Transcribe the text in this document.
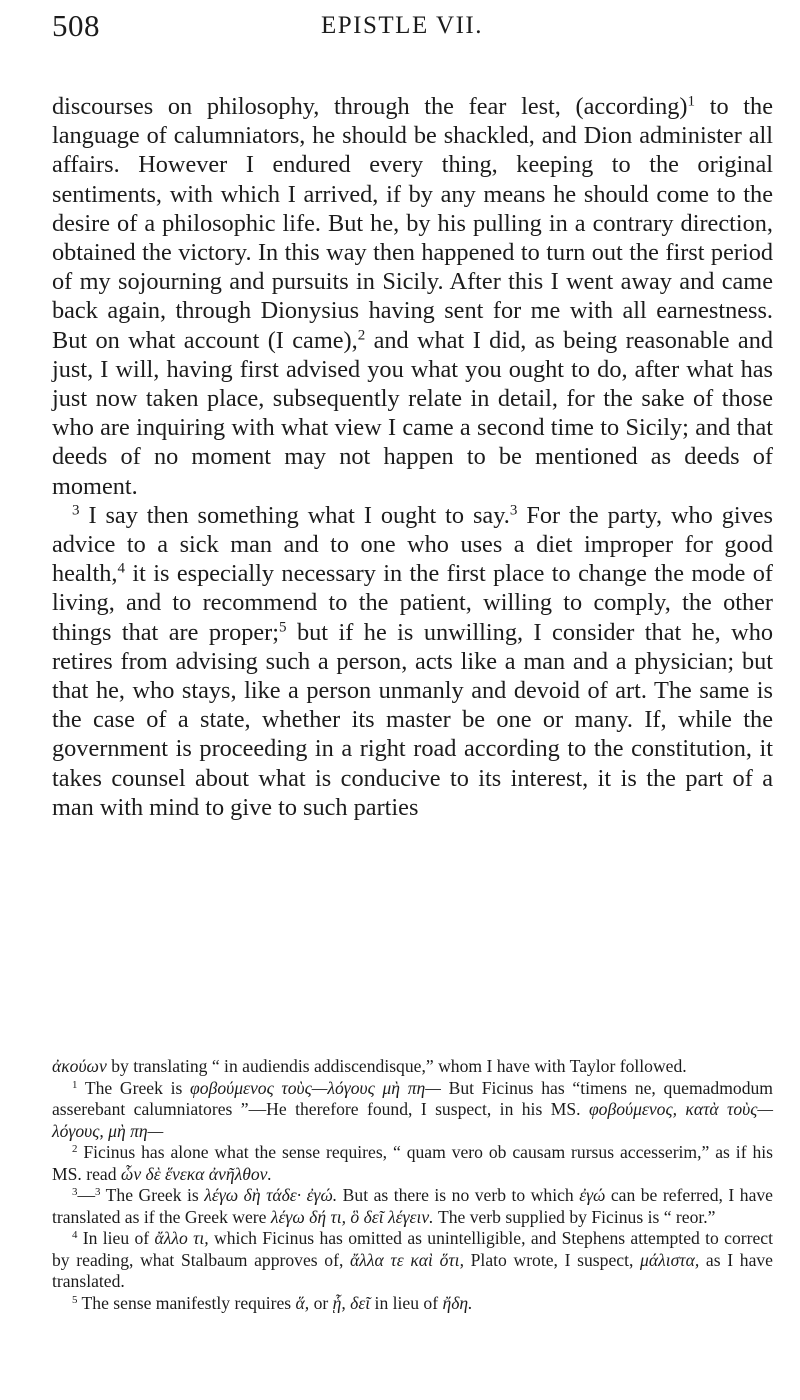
508	EPISTLE VII.

discourses on philosophy, through the fear lest, (according)$^1$ to the language of calumniators, he should be shackled, and Dion administer all affairs. However I endured every thing, keeping to the original sentiments, with which I arrived, if by any means he should come to the desire of a philosophic life. But he, by his pulling in a contrary direction, obtained the victory. In this way then happened to turn out the first period of my sojourning and pursuits in Sicily. After this I went away and came back again, through Dionysius having sent for me with all earnestness. But on what account (I came),$^2$ and what I did, as being reasonable and just, I will, having first advised you what you ought to do, after what has just now taken place, subsequently relate in detail, for the sake of those who are inquiring with what view I came a second time to Sicily; and that deeds of no moment may not happen to be mentioned as deeds of moment.

$^3$ I say then something what I ought to say.$^3$ For the party, who gives advice to a sick man and to one who uses a diet improper for good health,$^4$ it is especially necessary in the first place to change the mode of living, and to recommend to the patient, willing to comply, the other things that are proper;$^5$ but if he is unwilling, I consider that he, who retires from advising such a person, acts like a man and a physician; but that he, who stays, like a person unmanly and devoid of art. The same is the case of a state, whether its master be one or many. If, while the government is proceeding in a right road according to the constitution, it takes counsel about what is conducive to its interest, it is the part of a man with mind to give to such parties

ἀκούων by translating “ in audiendis addiscendisque,” whom I have with Taylor followed.

$^1$ The Greek is φοβούμενος τοὺς—λόγους μὴ πη— But Ficinus has “timens ne, quemadmodum asserebant calumniatores ”—He therefore found, I suspect, in his MS. φοβούμενος, κατὰ τοὺς—λόγους, μὴ πη—

$^2$ Ficinus has alone what the sense requires, “ quam vero ob causam rursus accesserim,” as if his MS. read ὧν δὲ ἕνεκα ἀνῆλθον.

$^3$—$^3$ The Greek is λέγω δὴ τάδε· ἐγώ. But as there is no verb to which ἐγώ can be referred, I have translated as if the Greek were λέγω δή τι, ὃ δεῖ λέγειν. The verb supplied by Ficinus is “ reor.”

$^4$ In lieu of ἄλλο τι, which Ficinus has omitted as unintelligible, and Stephens attempted to correct by reading, what Stalbaum approves of, ἄλλα τε καὶ ὅτι, Plato wrote, I suspect, μάλιστα, as I have translated.

$^5$ The sense manifestly requires ἅ, or ᾗ, δεῖ in lieu of ἤδη.
